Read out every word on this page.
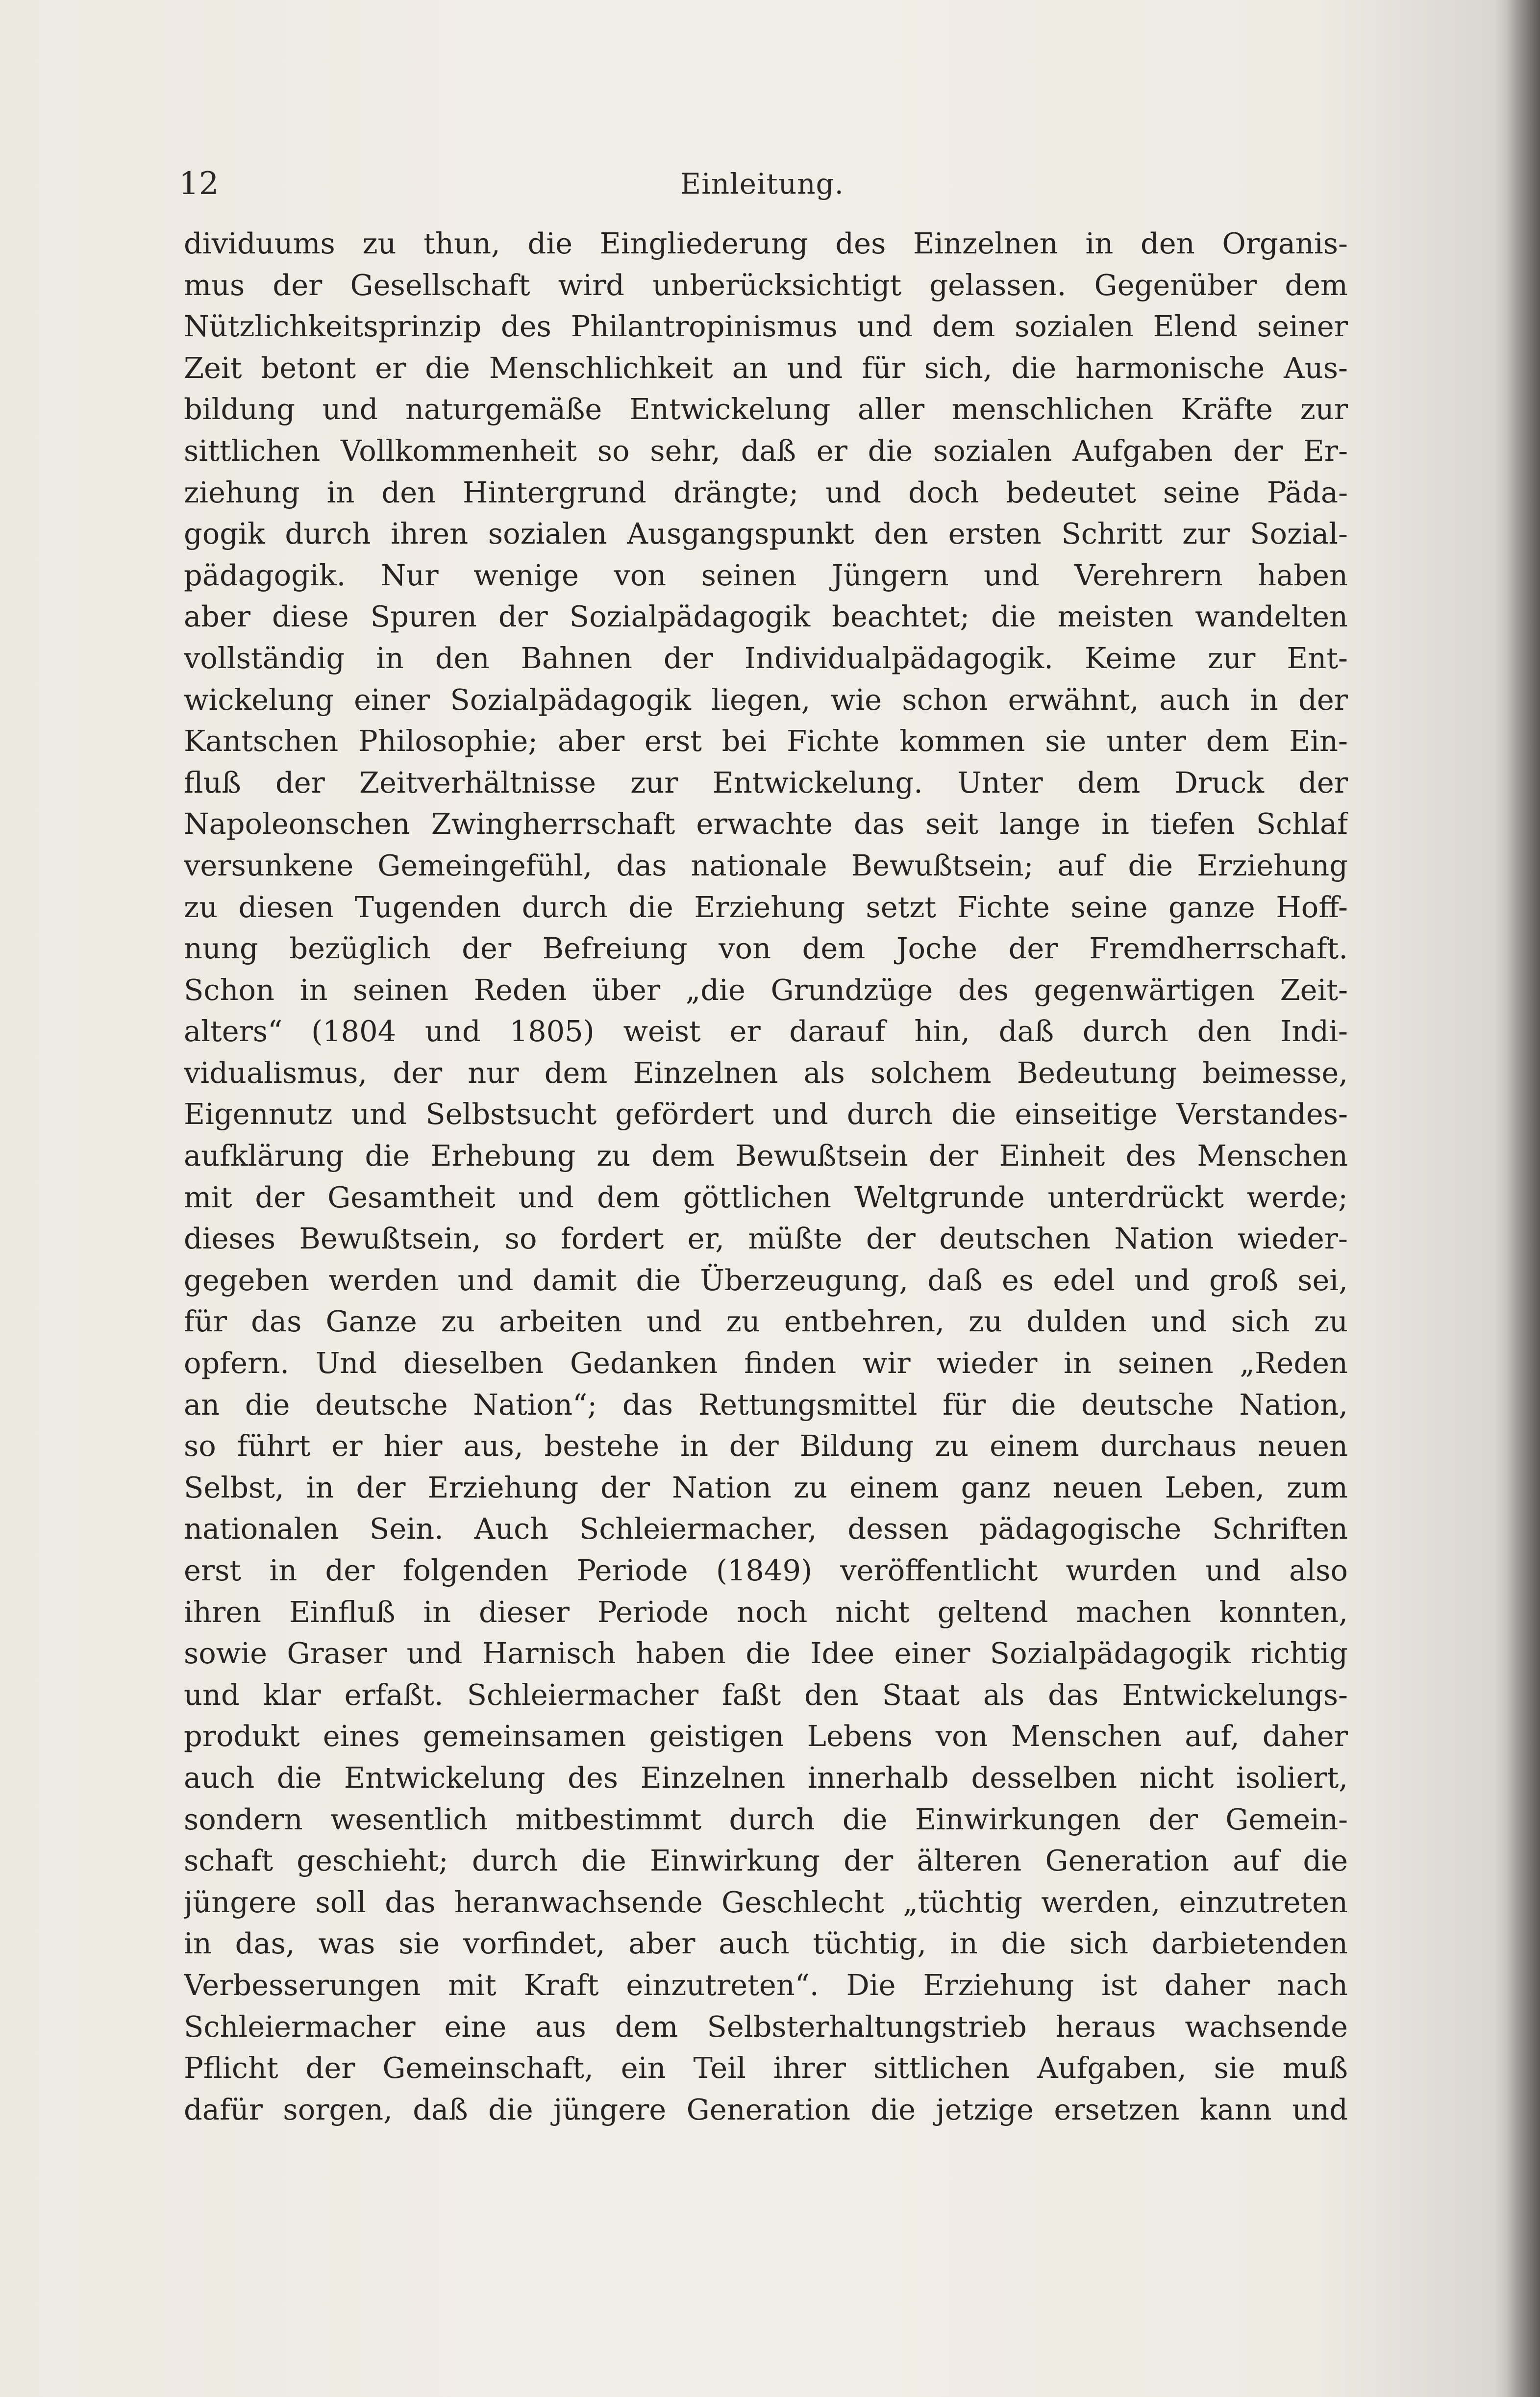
12	Einleitung.
dividuums zu thun, die Eingliederung des Einzelnen in den Organis-
mus der Gesellschaft wird unberücksichtigt gelassen. Gegenüber dem
Nützlichkeitsprinzip des Philantropinismus und dem sozialen Elend seiner
Zeit betont er die Menschlichkeit an und für sich, die harmonische Aus-
bildung und naturgemäße Entwickelung aller menschlichen Kräfte zur
sittlichen Vollkommenheit so sehr, daß er die sozialen Aufgaben der Er-
ziehung in den Hintergrund drängte; und doch bedeutet seine Päda-
gogik durch ihren sozialen Ausgangspunkt den ersten Schritt zur Sozial-
pädagogik. Nur wenige von seinen Jüngern und Verehrern haben
aber diese Spuren der Sozialpädagogik beachtet; die meisten wandelten
vollständig in den Bahnen der Individualpädagogik. Keime zur Ent-
wickelung einer Sozialpädagogik liegen, wie schon erwähnt, auch in der
Kantschen Philosophie; aber erst bei Fichte kommen sie unter dem Ein-
fluß der Zeitverhältnisse zur Entwickelung. Unter dem Druck der
Napoleonschen Zwingherrschaft erwachte das seit lange in tiefen Schlaf
versunkene Gemeingefühl, das nationale Bewußtsein; auf die Erziehung
zu diesen Tugenden durch die Erziehung setzt Fichte seine ganze Hoff-
nung bezüglich der Befreiung von dem Joche der Fremdherrschaft.
Schon in seinen Reden über „die Grundzüge des gegenwärtigen Zeit-
alters“ (1804 und 1805) weist er darauf hin, daß durch den Indi-
vidualismus, der nur dem Einzelnen als solchem Bedeutung beimesse,
Eigennutz und Selbstsucht gefördert und durch die einseitige Verstandes-
aufklärung die Erhebung zu dem Bewußtsein der Einheit des Menschen
mit der Gesamtheit und dem göttlichen Weltgrunde unterdrückt werde;
dieses Bewußtsein, so fordert er, müßte der deutschen Nation wieder-
gegeben werden und damit die Überzeugung, daß es edel und groß sei,
für das Ganze zu arbeiten und zu entbehren, zu dulden und sich zu
opfern. Und dieselben Gedanken finden wir wieder in seinen „Reden
an die deutsche Nation“; das Rettungsmittel für die deutsche Nation,
so führt er hier aus, bestehe in der Bildung zu einem durchaus neuen
Selbst, in der Erziehung der Nation zu einem ganz neuen Leben, zum
nationalen Sein. Auch Schleiermacher, dessen pädagogische Schriften
erst in der folgenden Periode (1849) veröffentlicht wurden und also
ihren Einfluß in dieser Periode noch nicht geltend machen konnten,
sowie Graser und Harnisch haben die Idee einer Sozialpädagogik richtig
und klar erfaßt. Schleiermacher faßt den Staat als das Entwickelungs-
produkt eines gemeinsamen geistigen Lebens von Menschen auf, daher
auch die Entwickelung des Einzelnen innerhalb desselben nicht isoliert,
sondern wesentlich mitbestimmt durch die Einwirkungen der Gemein-
schaft geschieht; durch die Einwirkung der älteren Generation auf die
jüngere soll das heranwachsende Geschlecht „tüchtig werden, einzutreten
in das, was sie vorfindet, aber auch tüchtig, in die sich darbietenden
Verbesserungen mit Kraft einzutreten“. Die Erziehung ist daher nach
Schleiermacher eine aus dem Selbsterhaltungstrieb heraus wachsende
Pflicht der Gemeinschaft, ein Teil ihrer sittlichen Aufgaben, sie muß
dafür sorgen, daß die jüngere Generation die jetzige ersetzen kann und
